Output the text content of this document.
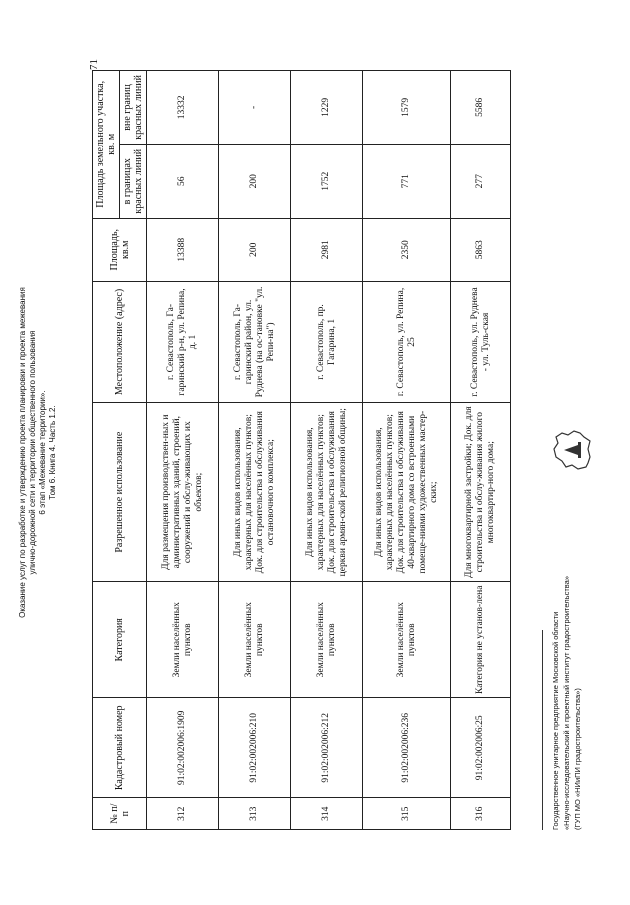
Оказание услуг по разработке и утверждению проекта планировки и проекта межевания улично-дорожной сети и территории общественного пользования 6 этап «Межевание территории». Том 6. Книга 4. Часть 1.2.
71
№ п/п	Кадастровый номер	Категория	Разрешенное использование	Местоположение (адрес)	Площадь, кв.м	Площадь земельного участка, кв. м	
						в границах красных линий	вне границ красных линий
312	91:02:002006:1909	Земли населённых пунктов	Для размещения производствен-ных и административных зданий, строений, сооружений и обслу-живающих их объектов;	г. Севастополь, Га-гаринский р-н, ул. Репина, д. 1	13388	56	13332
313	91:02:002006:210	Земли населённых пунктов	Для иных видов использования, характерных для населённых пунктов; Док. для строительства и обслуживания остановочного комплекса;	г. Севастополь, Га-гаринский район, ул. Руднева (на ос-тановке "ул. Репи-на")	200	200	-
314	91:02:002006:212	Земли населённых пунктов	Для иных видов использования, характерных для населённых пунктов; Док. для строительства и обслуживания церкви армян-ской религиозной общины;	г. Севастополь, пр. Гагарина, 1	2981	1752	1229
315	91:02:002006:236	Земли населённых пунктов	Для иных видов использования, характерных для населённых пунктов; Док. для строительства и обслуживания 40-квартирного дома со встроенными помеще-ниями художественных мастер-ских;	г. Севастополь, ул. Репина, 25	2350	771	1579
316	91:02:002006:25	Категория не установ-лена	Для многоквартирной застройки; Док. для строительства и обслу-живания жилого многоквартир-ного дома;	г. Севастополь, ул. Руднева - ул. Туль-ская	5863	277	5586
Государственное унитарное предприятие Московской области «Научно-исследовательский и проектный институт градостроительства» (ГУП МО «НИиПИ градостроительства»)
